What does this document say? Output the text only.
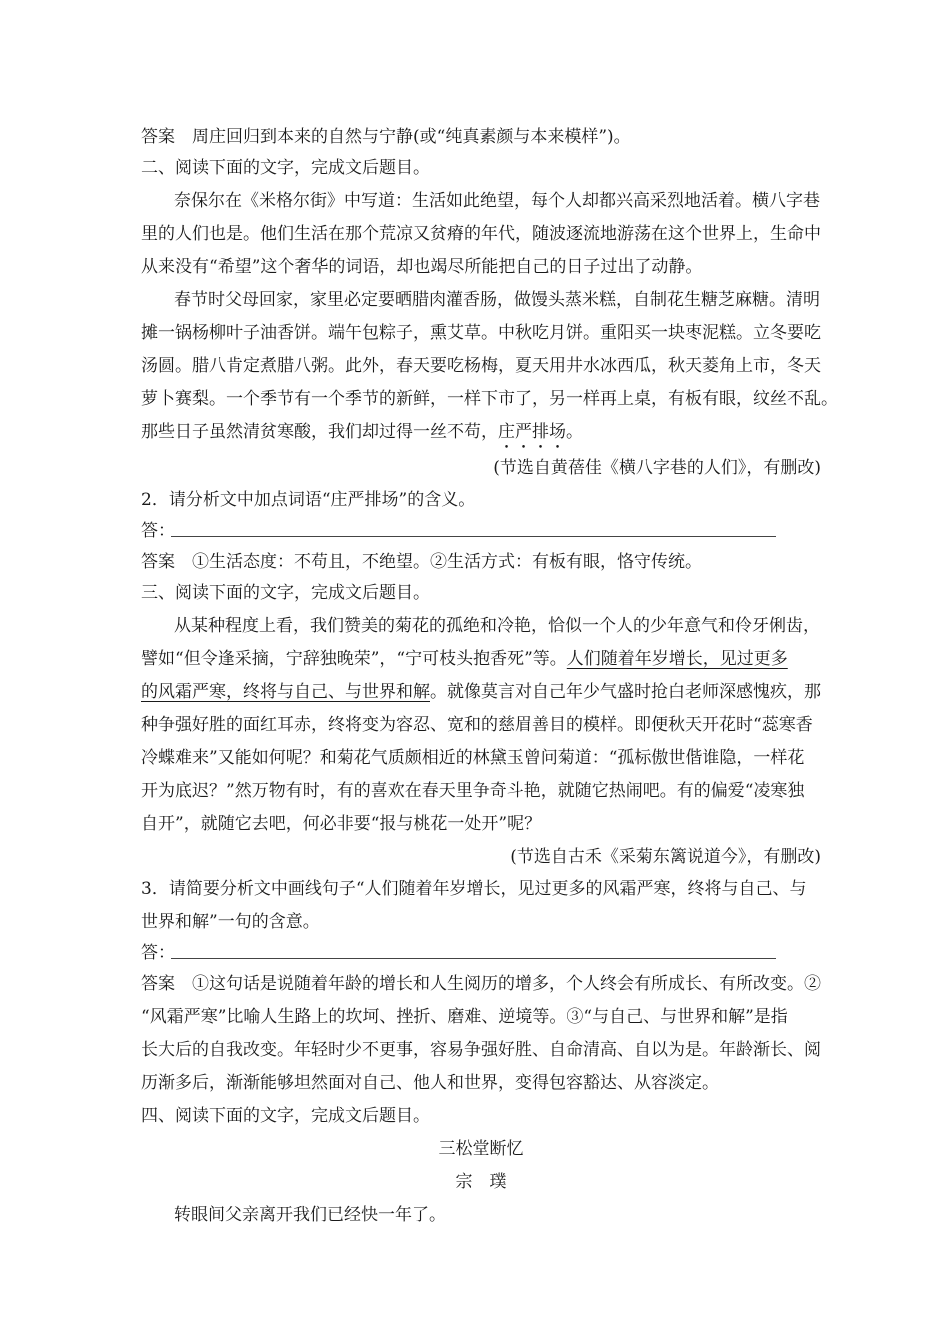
答案　周庄回归到本来的自然与宁静(或“纯真素颜与本来模样”)。
二、阅读下面的文字，完成文后题目。
奈保尔在《米格尔街》中写道：生活如此绝望，每个人却都兴高采烈地活着。横八字巷
里的人们也是。他们生活在那个荒凉又贫瘠的年代，随波逐流地游荡在这个世界上，生命中
从来没有“希望”这个奢华的词语，却也竭尽所能把自己的日子过出了动静。
春节时父母回家，家里必定要晒腊肉灌香肠，做馒头蒸米糕，自制花生糖芝麻糖。清明
摊一锅杨柳叶子油香饼。端午包粽子，熏艾草。中秋吃月饼。重阳买一块枣泥糕。立冬要吃
汤圆。腊八肯定煮腊八粥。此外，春天要吃杨梅，夏天用井水冰西瓜，秋天菱角上市，冬天
萝卜赛梨。一个季节有一个季节的新鲜，一样下市了，另一样再上桌，有板有眼，纹丝不乱。
那些日子虽然清贫寒酸，我们却过得一丝不苟，庄严排场。
(节选自黄蓓佳《横八字巷的人们》，有删改)
2．请分析文中加点词语“庄严排场”的含义。
答：
答案　①生活态度：不苟且，不绝望。②生活方式：有板有眼，恪守传统。
三、阅读下面的文字，完成文后题目。
从某种程度上看，我们赞美的菊花的孤绝和冷艳，恰似一个人的少年意气和伶牙俐齿，
譬如“但令逢采摘，宁辞独晚荣”，“宁可枝头抱香死”等。人们随着年岁增长，见过更多
的风霜严寒，终将与自己、与世界和解。就像莫言对自己年少气盛时抢白老师深感愧疚，那
种争强好胜的面红耳赤，终将变为容忍、宽和的慈眉善目的模样。即便秋天开花时“蕊寒香
冷蝶难来”又能如何呢？和菊花气质颇相近的林黛玉曾问菊道：“孤标傲世偕谁隐，一样花
开为底迟？”然万物有时，有的喜欢在春天里争奇斗艳，就随它热闹吧。有的偏爱“凌寒独
自开”，就随它去吧，何必非要“报与桃花一处开”呢？
(节选自古禾《采菊东篱说道今》，有删改)
3．请简要分析文中画线句子“人们随着年岁增长，见过更多的风霜严寒，终将与自己、与
世界和解”一句的含意。
答：
答案　①这句话是说随着年龄的增长和人生阅历的增多，个人终会有所成长、有所改变。②
“风霜严寒”比喻人生路上的坎坷、挫折、磨难、逆境等。③“与自己、与世界和解”是指
长大后的自我改变。年轻时少不更事，容易争强好胜、自命清高、自以为是。年龄渐长、阅
历渐多后，渐渐能够坦然面对自己、他人和世界，变得包容豁达、从容淡定。
四、阅读下面的文字，完成文后题目。
三松堂断忆
宗　璞
转眼间父亲离开我们已经快一年了。
